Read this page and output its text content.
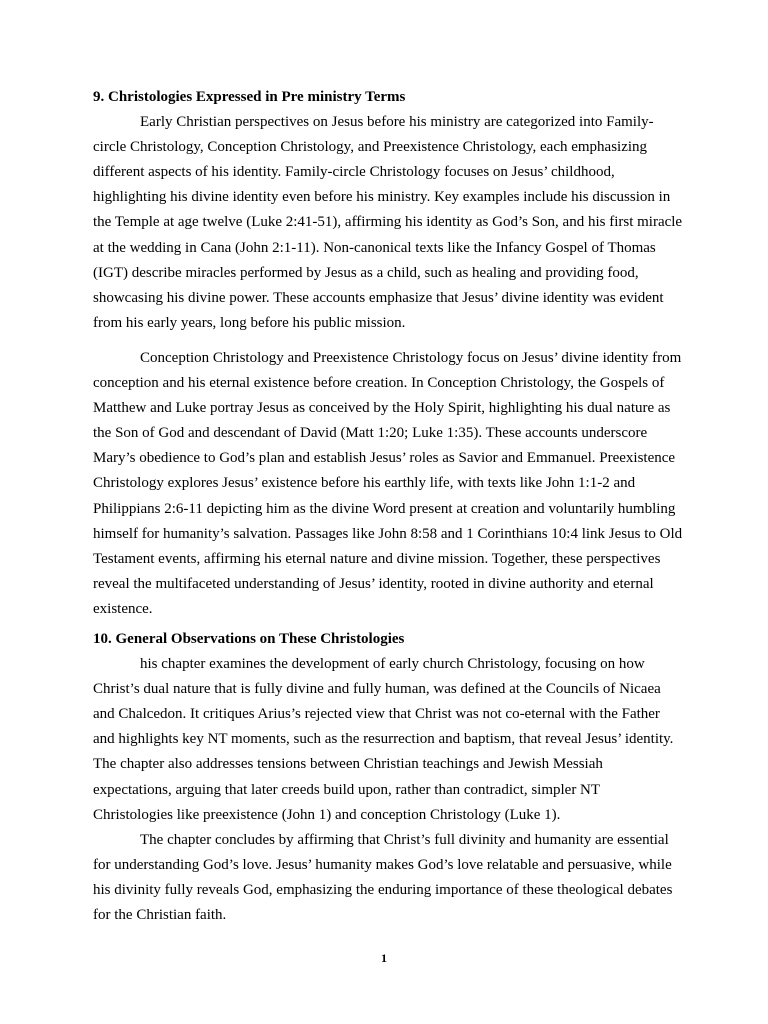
9. Christologies Expressed in Pre ministry Terms

Early Christian perspectives on Jesus before his ministry are categorized into Family-circle Christology, Conception Christology, and Preexistence Christology, each emphasizing different aspects of his identity. Family-circle Christology focuses on Jesus’ childhood, highlighting his divine identity even before his ministry. Key examples include his discussion in the Temple at age twelve (Luke 2:41-51), affirming his identity as God’s Son, and his first miracle at the wedding in Cana (John 2:1-11). Non-canonical texts like the Infancy Gospel of Thomas (IGT) describe miracles performed by Jesus as a child, such as healing and providing food, showcasing his divine power. These accounts emphasize that Jesus’ divine identity was evident from his early years, long before his public mission.

Conception Christology and Preexistence Christology focus on Jesus’ divine identity from conception and his eternal existence before creation. In Conception Christology, the Gospels of Matthew and Luke portray Jesus as conceived by the Holy Spirit, highlighting his dual nature as the Son of God and descendant of David (Matt 1:20; Luke 1:35). These accounts underscore Mary’s obedience to God’s plan and establish Jesus’ roles as Savior and Emmanuel. Preexistence Christology explores Jesus’ existence before his earthly life, with texts like John 1:1-2 and Philippians 2:6-11 depicting him as the divine Word present at creation and voluntarily humbling himself for humanity’s salvation. Passages like John 8:58 and 1 Corinthians 10:4 link Jesus to Old Testament events, affirming his eternal nature and divine mission. Together, these perspectives reveal the multifaceted understanding of Jesus’ identity, rooted in divine authority and eternal existence.

10. General Observations on These Christologies

his chapter examines the development of early church Christology, focusing on how Christ’s dual nature that is fully divine and fully human, was defined at the Councils of Nicaea and Chalcedon. It critiques Arius’s rejected view that Christ was not co-eternal with the Father and highlights key NT moments, such as the resurrection and baptism, that reveal Jesus’ identity. The chapter also addresses tensions between Christian teachings and Jewish Messiah expectations, arguing that later creeds build upon, rather than contradict, simpler NT Christologies like preexistence (John 1) and conception Christology (Luke 1).

The chapter concludes by affirming that Christ’s full divinity and humanity are essential for understanding God’s love. Jesus’ humanity makes God’s love relatable and persuasive, while his divinity fully reveals God, emphasizing the enduring importance of these theological debates for the Christian faith.

1
